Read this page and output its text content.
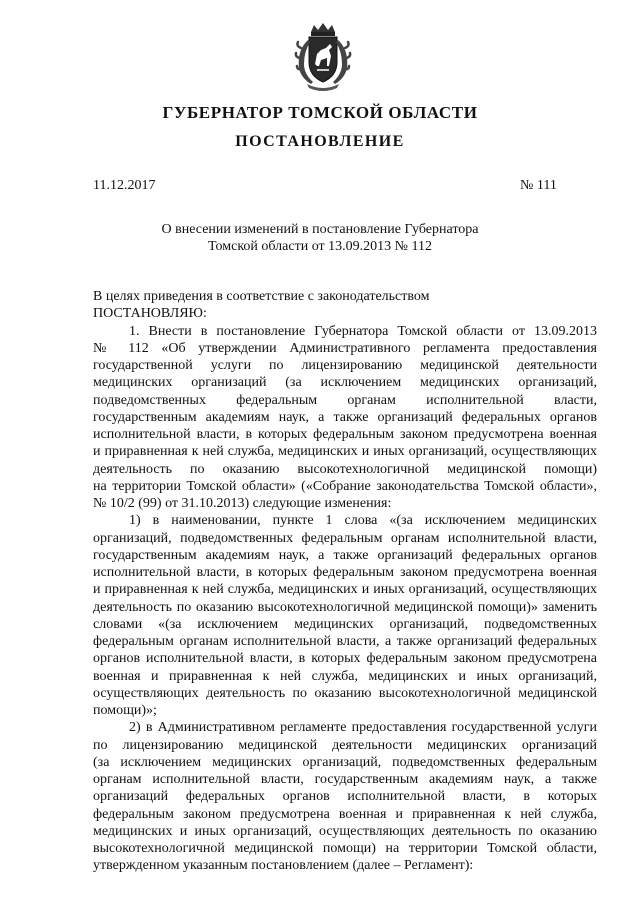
ГУБЕРНАТОР ТОМСКОЙ ОБЛАСТИ
ПОСТАНОВЛЕНИЕ
11.12.2017	№ 111
О внесении изменений в постановление Губернатора
Томской области от 13.09.2013 № 112
В целях приведения в соответствие с законодательством
ПОСТАНОВЛЯЮ:
1. Внести в постановление Губернатора Томской области от 13.09.2013
№ 112 «Об утверждении Административного регламента предоставления
государственной услуги по лицензированию медицинской деятельности
медицинских организаций (за исключением медицинских организаций,
подведомственных федеральным органам исполнительной власти,
государственным академиям наук, а также организаций федеральных органов
исполнительной власти, в которых федеральным законом предусмотрена военная
и приравненная к ней служба, медицинских и иных организаций, осуществляющих
деятельность по оказанию высокотехнологичной медицинской помощи)
на территории Томской области» («Собрание законодательства Томской области»,
№ 10/2 (99) от 31.10.2013) следующие изменения:
1) в наименовании, пункте 1 слова «(за исключением медицинских
организаций, подведомственных федеральным органам исполнительной власти,
государственным академиям наук, а также организаций федеральных органов
исполнительной власти, в которых федеральным законом предусмотрена военная
и приравненная к ней служба, медицинских и иных организаций, осуществляющих
деятельность по оказанию высокотехнологичной медицинской помощи)» заменить
словами «(за исключением медицинских организаций, подведомственных
федеральным органам исполнительной власти, а также организаций федеральных
органов исполнительной власти, в которых федеральным законом предусмотрена
военная и приравненная к ней служба, медицинских и иных организаций,
осуществляющих деятельность по оказанию высокотехнологичной медицинской
помощи)»;
2) в Административном регламенте предоставления государственной услуги
по лицензированию медицинской деятельности медицинских организаций
(за исключением медицинских организаций, подведомственных федеральным
органам исполнительной власти, государственным академиям наук, а также
организаций федеральных органов исполнительной власти, в которых
федеральным законом предусмотрена военная и приравненная к ней служба,
медицинских и иных организаций, осуществляющих деятельность по оказанию
высокотехнологичной медицинской помощи) на территории Томской области,
утвержденном указанным постановлением (далее – Регламент):
